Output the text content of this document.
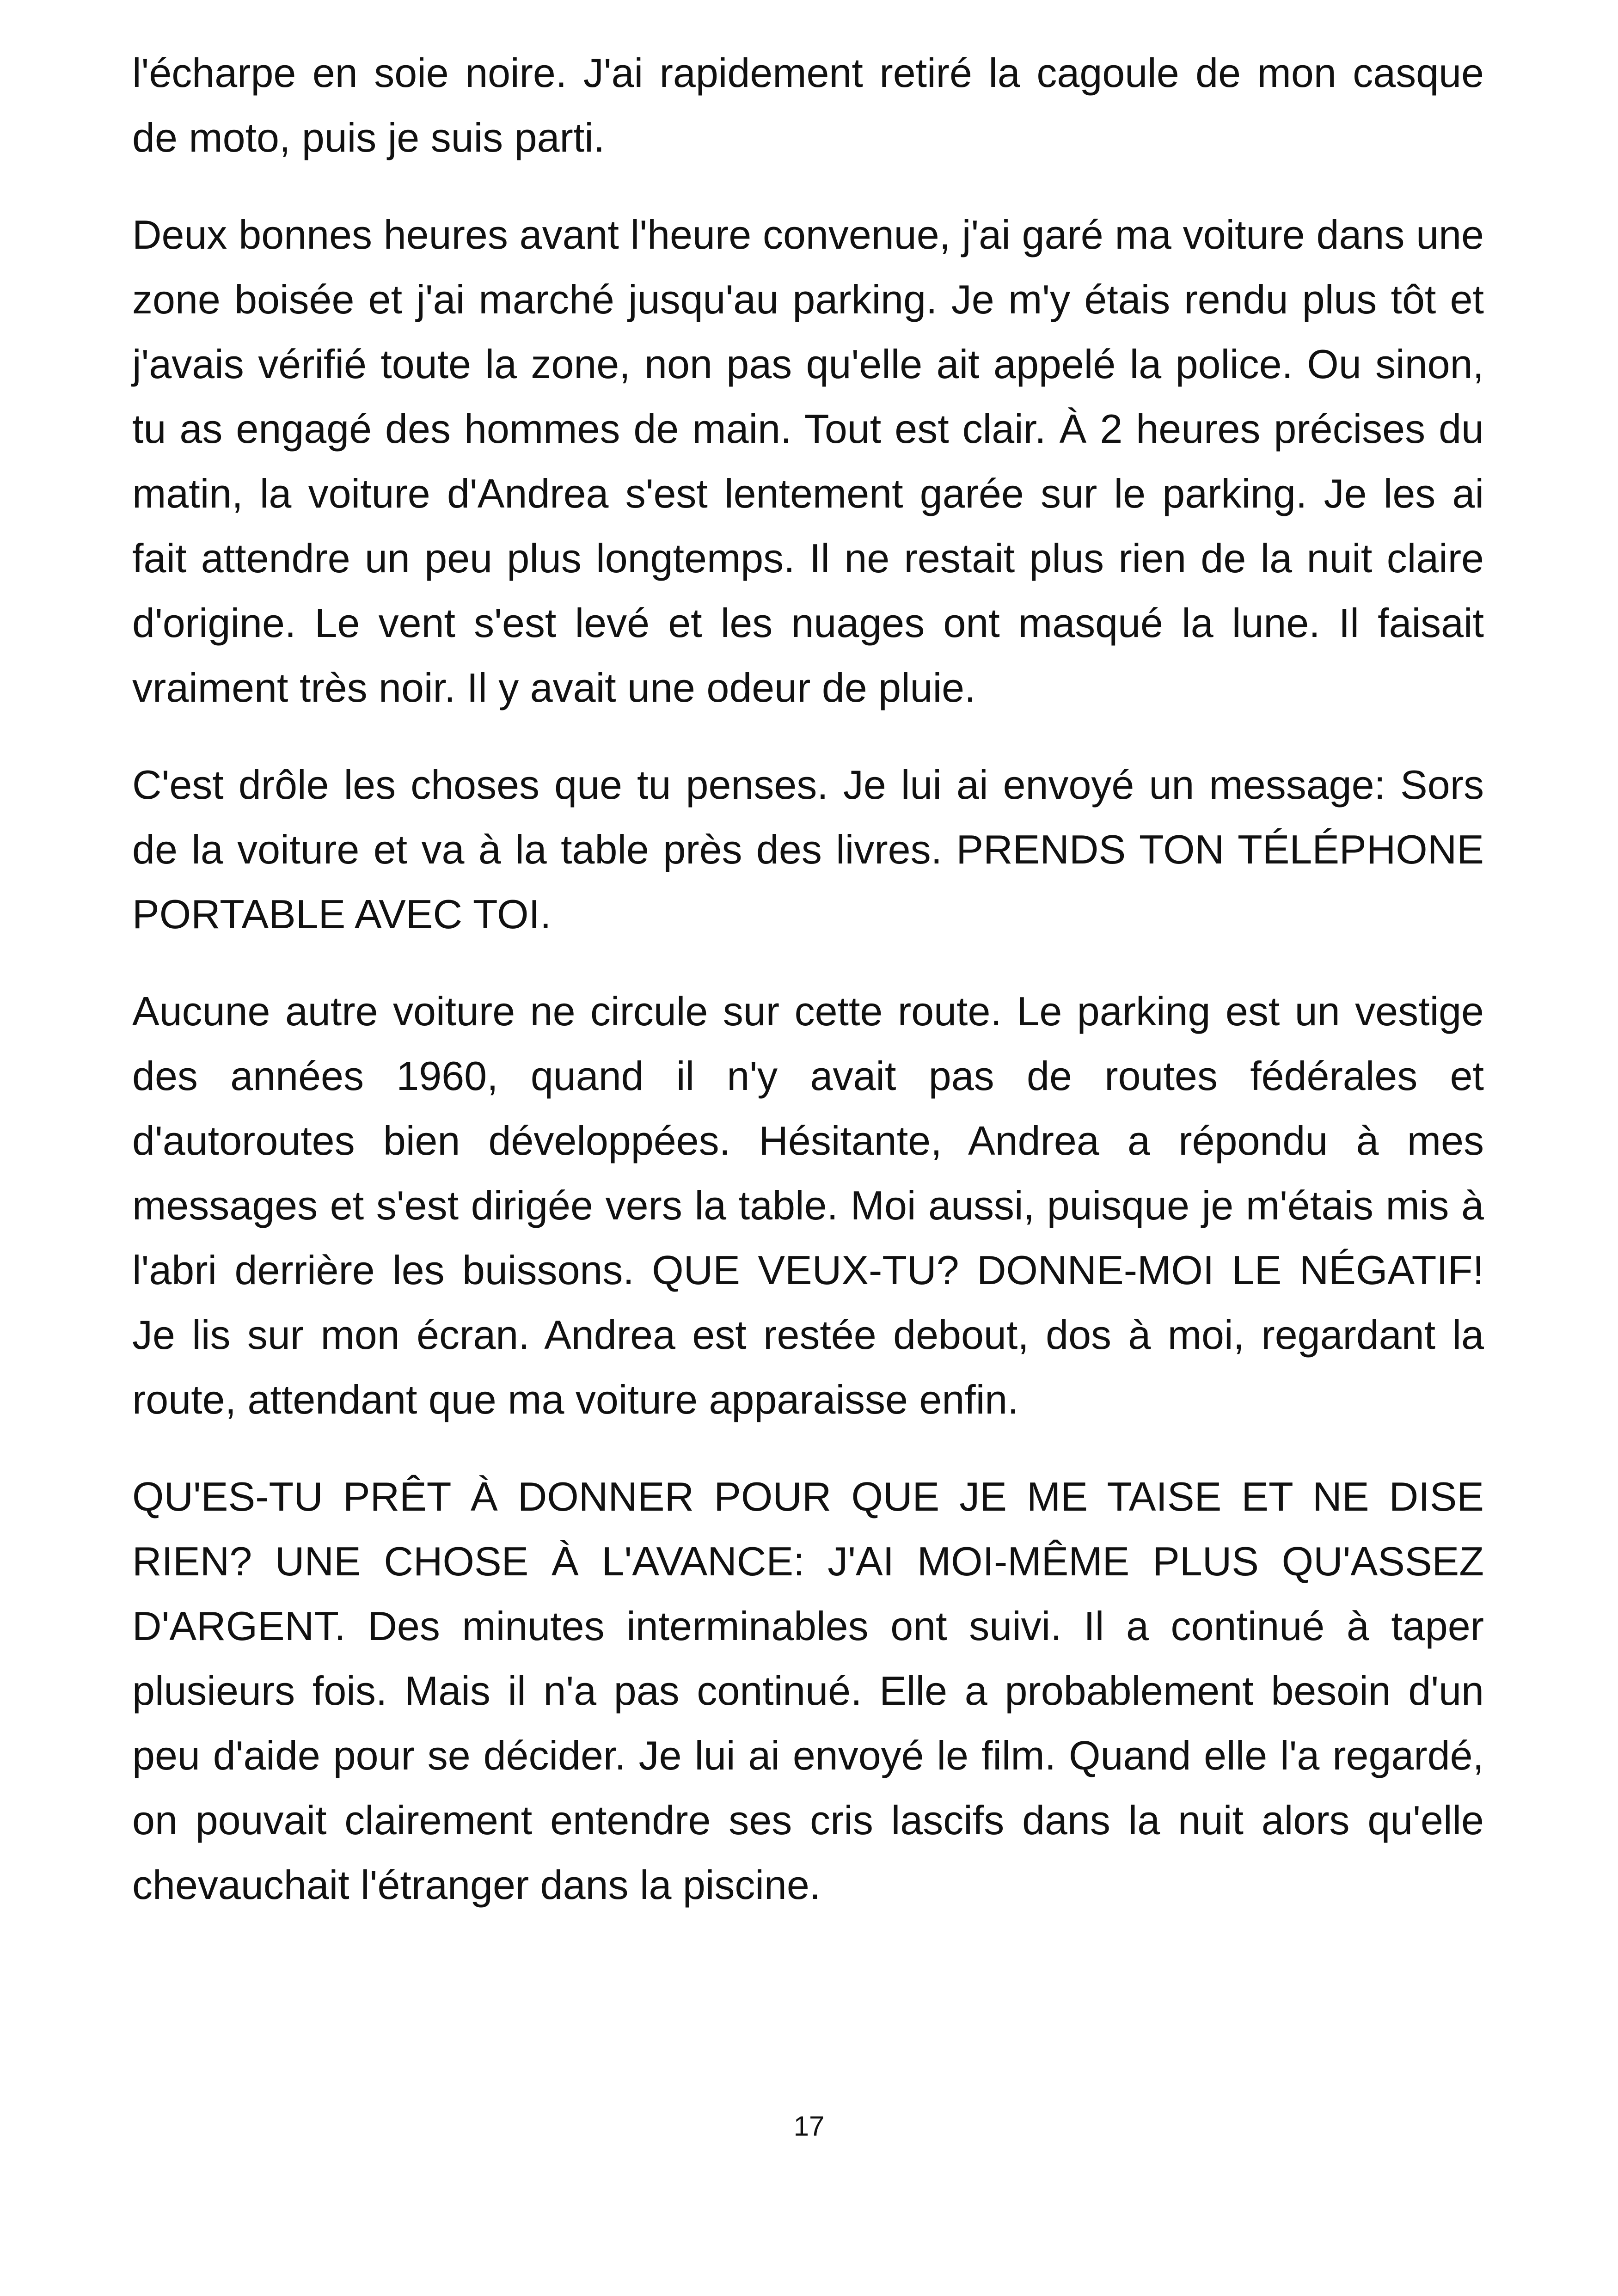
l'écharpe en soie noire. J'ai rapidement retiré la cagoule de mon casque de moto, puis je suis parti.

Deux bonnes heures avant l'heure convenue, j'ai garé ma voiture dans une zone boisée et j'ai marché jusqu'au parking. Je m'y étais rendu plus tôt et j'avais vérifié toute la zone, non pas qu'elle ait appelé la police. Ou sinon, tu as engagé des hommes de main. Tout est clair. À 2 heures précises du matin, la voiture d'Andrea s'est lentement garée sur le parking. Je les ai fait attendre un peu plus longtemps. Il ne restait plus rien de la nuit claire d'origine. Le vent s'est levé et les nuages ont masqué la lune. Il faisait vraiment très noir. Il y avait une odeur de pluie.

C'est drôle les choses que tu penses. Je lui ai envoyé un message: Sors de la voiture et va à la table près des livres. PRENDS TON TÉLÉPHONE PORTABLE AVEC TOI.

Aucune autre voiture ne circule sur cette route. Le parking est un vestige des années 1960, quand il n'y avait pas de routes fédérales et d'autoroutes bien développées. Hésitante, Andrea a répondu à mes messages et s'est dirigée vers la table. Moi aussi, puisque je m'étais mis à l'abri derrière les buissons. QUE VEUX-TU? DONNE-MOI LE NÉGATIF! Je lis sur mon écran. Andrea est restée debout, dos à moi, regardant la route, attendant que ma voiture apparaisse enfin.

QU'ES-TU PRÊT À DONNER POUR QUE JE ME TAISE ET NE DISE RIEN? UNE CHOSE À L'AVANCE: J'AI MOI-MÊME PLUS QU'ASSEZ D'ARGENT. Des minutes interminables ont suivi. Il a continué à taper plusieurs fois. Mais il n'a pas continué. Elle a probablement besoin d'un peu d'aide pour se décider. Je lui ai envoyé le film. Quand elle l'a regardé, on pouvait clairement entendre ses cris lascifs dans la nuit alors qu'elle chevauchait l'étranger dans la piscine.

17
